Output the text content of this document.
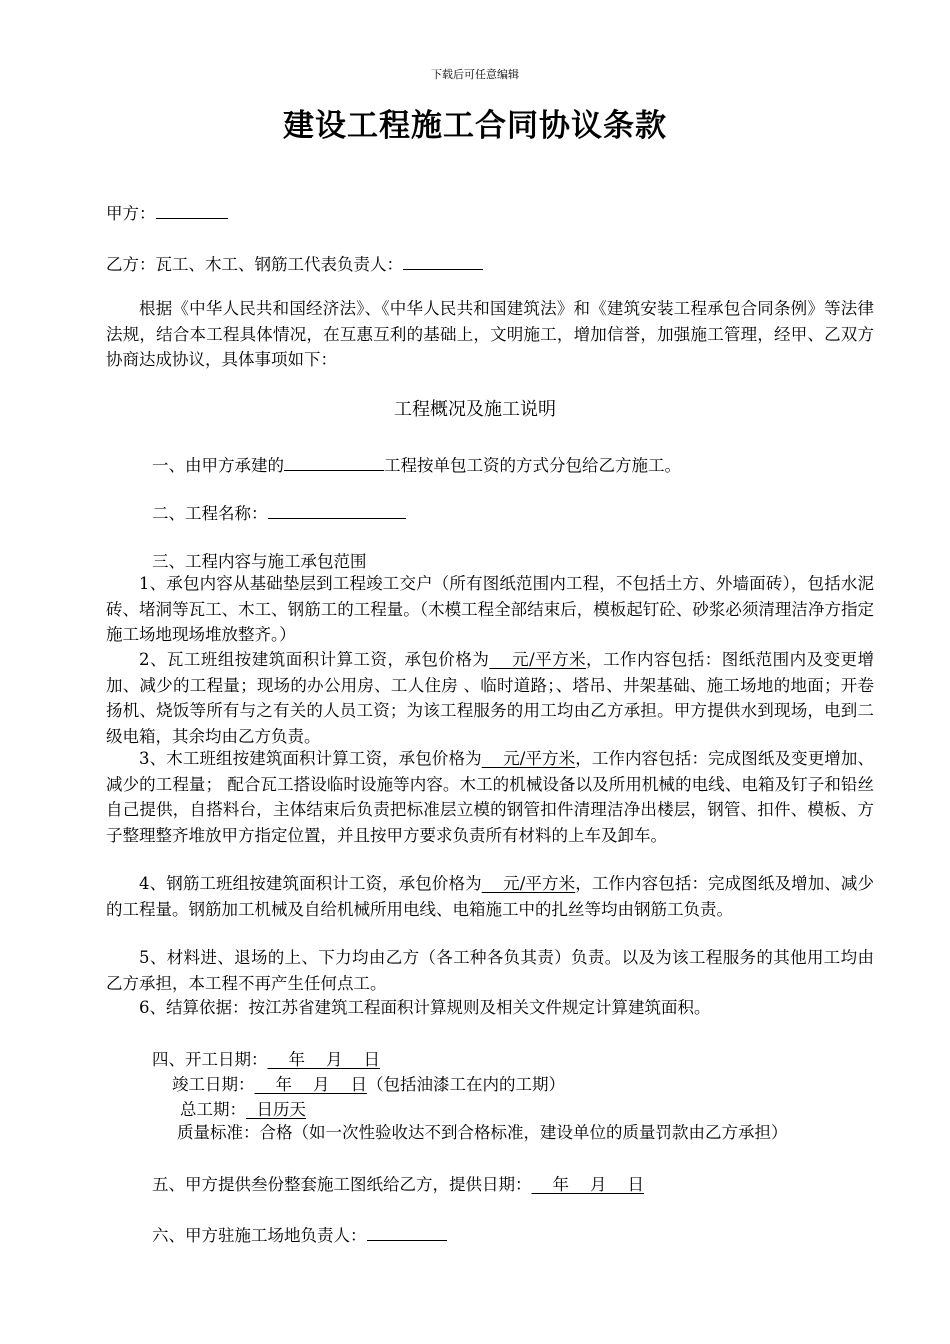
下载后可任意编辑
建设工程施工合同协议条款
甲方：
乙方：瓦工、木工、钢筋工代表负责人：
根据《中华人民共和国经济法》、《中华人民共和国建筑法》和《建筑安装工程承包合同条例》等法律法规，结合本工程具体情况，在互惠互利的基础上，文明施工，增加信誉，加强施工管理，经甲、乙双方协商达成协议，具体事项如下：
工程概况及施工说明
一、由甲方承建的	工程按单包工资的方式分包给乙方施工。
二、工程名称：
三、工程内容与施工承包范围
1、承包内容从基础垫层到工程竣工交户（所有图纸范围内工程，不包括土方、外墙面砖），包括水泥砖、堵洞等瓦工、木工、钢筋工的工程量。（木模工程全部结束后，模板起钉砼、砂浆必须清理洁净方指定施工场地现场堆放整齐。）
2、瓦工班组按建筑面积计算工资，承包价格为    元/平方米，工作内容包括：图纸范围内及变更增加、减少的工程量；现场的办公用房、工人住房 、临时道路；、塔吊、井架基础、施工场地的地面；开卷扬机、烧饭等所有与之有关的人员工资；为该工程服务的用工均由乙方承担。甲方提供水到现场，电到二级电箱，其余均由乙方负责。
3、木工班组按建筑面积计算工资，承包价格为    元/平方米，工作内容包括：完成图纸及变更增加、减少的工程量； 配合瓦工搭设临时设施等内容。木工的机械设备以及所用机械的电线、电箱及钉子和铅丝自己提供，自搭料台，主体结束后负责把标准层立模的钢管扣件清理洁净出楼层，钢管、扣件、模板、方子整理整齐堆放甲方指定位置，并且按甲方要求负责所有材料的上车及卸车。
4、钢筋工班组按建筑面积计工资，承包价格为    元/平方米，工作内容包括：完成图纸及增加、减少的工程量。钢筋加工机械及自给机械所用电线、电箱施工中的扎丝等均由钢筋工负责。
5、材料进、退场的上、下力均由乙方（各工种各负其责）负责。以及为该工程服务的其他用工均由乙方承担，本工程不再产生任何点工。
6、结算依据：按江苏省建筑工程面积计算规则及相关文件规定计算建筑面积。
四、开工日期：    年    月    日
竣工日期：    年    月    日（包括油漆工在内的工期）
总工期：  日历天
质量标准：合格（如一次性验收达不到合格标准，建设单位的质量罚款由乙方承担）
五、甲方提供叁份整套施工图纸给乙方，提供日期：    年    月    日
六、甲方驻施工场地负责人：
